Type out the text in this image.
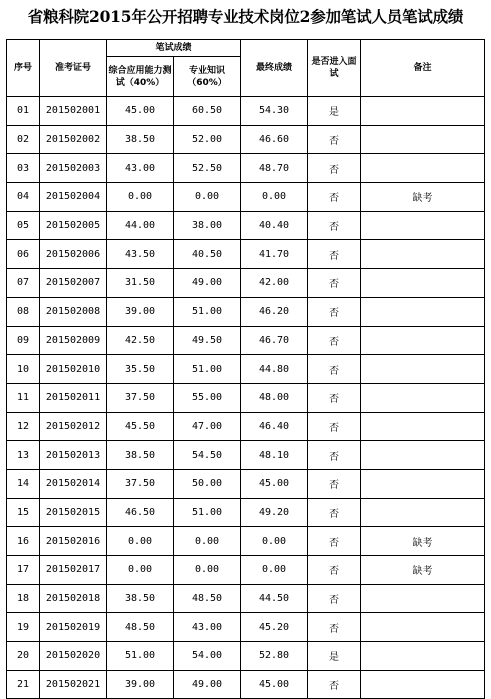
省粮科院2015年公开招聘专业技术岗位2参加笔试人员笔试成绩
序号	准考证号	笔试成绩		最终成绩	是否进入面试	备注
		综合应用能力测试（40%）	专业知识（60%）			
01	201502001	45.00	60.50	54.30	是	
02	201502002	38.50	52.00	46.60	否	
03	201502003	43.00	52.50	48.70	否	
04	201502004	0.00	0.00	0.00	否	缺考
05	201502005	44.00	38.00	40.40	否	
06	201502006	43.50	40.50	41.70	否	
07	201502007	31.50	49.00	42.00	否	
08	201502008	39.00	51.00	46.20	否	
09	201502009	42.50	49.50	46.70	否	
10	201502010	35.50	51.00	44.80	否	
11	201502011	37.50	55.00	48.00	否	
12	201502012	45.50	47.00	46.40	否	
13	201502013	38.50	54.50	48.10	否	
14	201502014	37.50	50.00	45.00	否	
15	201502015	46.50	51.00	49.20	否	
16	201502016	0.00	0.00	0.00	否	缺考
17	201502017	0.00	0.00	0.00	否	缺考
18	201502018	38.50	48.50	44.50	否	
19	201502019	48.50	43.00	45.20	否	
20	201502020	51.00	54.00	52.80	是	
21	201502021	39.00	49.00	45.00	否	
